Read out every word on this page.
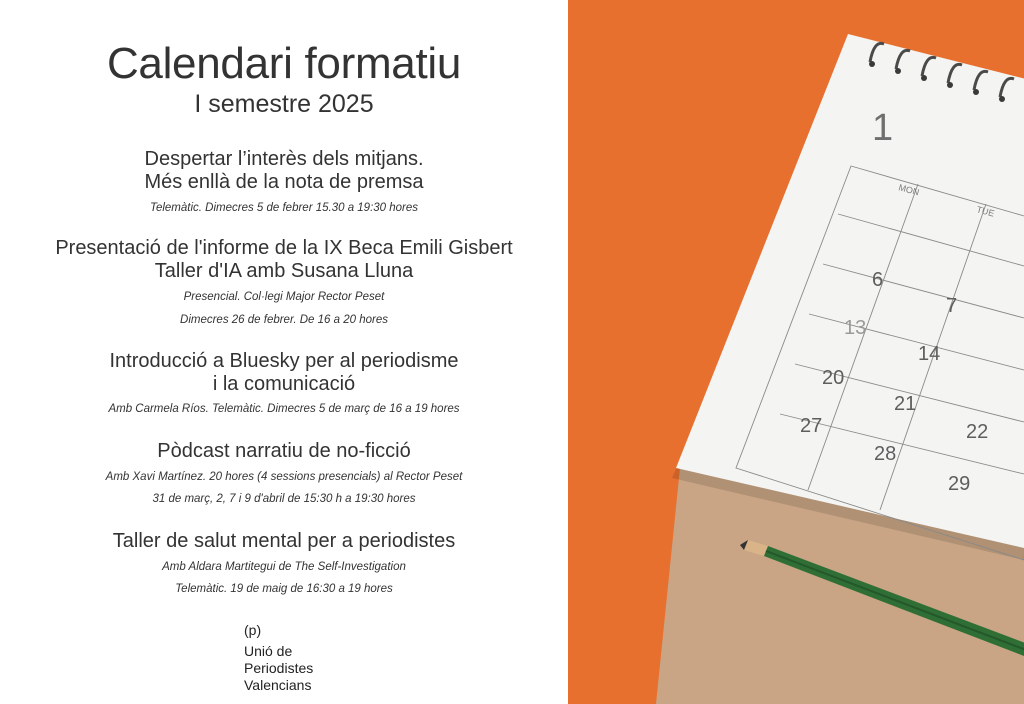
Calendari formatiu
I semestre 2025
Despertar l’interès dels mitjans.
Més enllà de la nota de premsa
Telemàtic. Dimecres 5 de febrer 15.30 a 19:30 hores
Presentació de l'informe de la IX Beca Emili Gisbert
Taller d'IA amb Susana Lluna
Presencial. Col·legi Major Rector Peset
Dimecres 26 de febrer. De 16 a 20 hores
Introducció a Bluesky per al periodisme
i la comunicació
Amb Carmela Ríos. Telemàtic. Dimecres 5 de març de 16 a 19 hores
Pòdcast narratiu de no-ficció
Amb Xavi Martínez. 20 hores (4 sessions presencials) al Rector Peset
31 de març, 2, 7 i 9 d'abril de 15:30 h a 19:30 hores
Taller de salut mental per a periodistes
Amb Aldara Martitegui de The Self-Investigation
Telemàtic. 19 de maig de 16:30 a 19 hores
(p)
Unió de
Periodistes
Valencians
1
MON
TUE
6
7
13
14
20
21
22
27
28
29
